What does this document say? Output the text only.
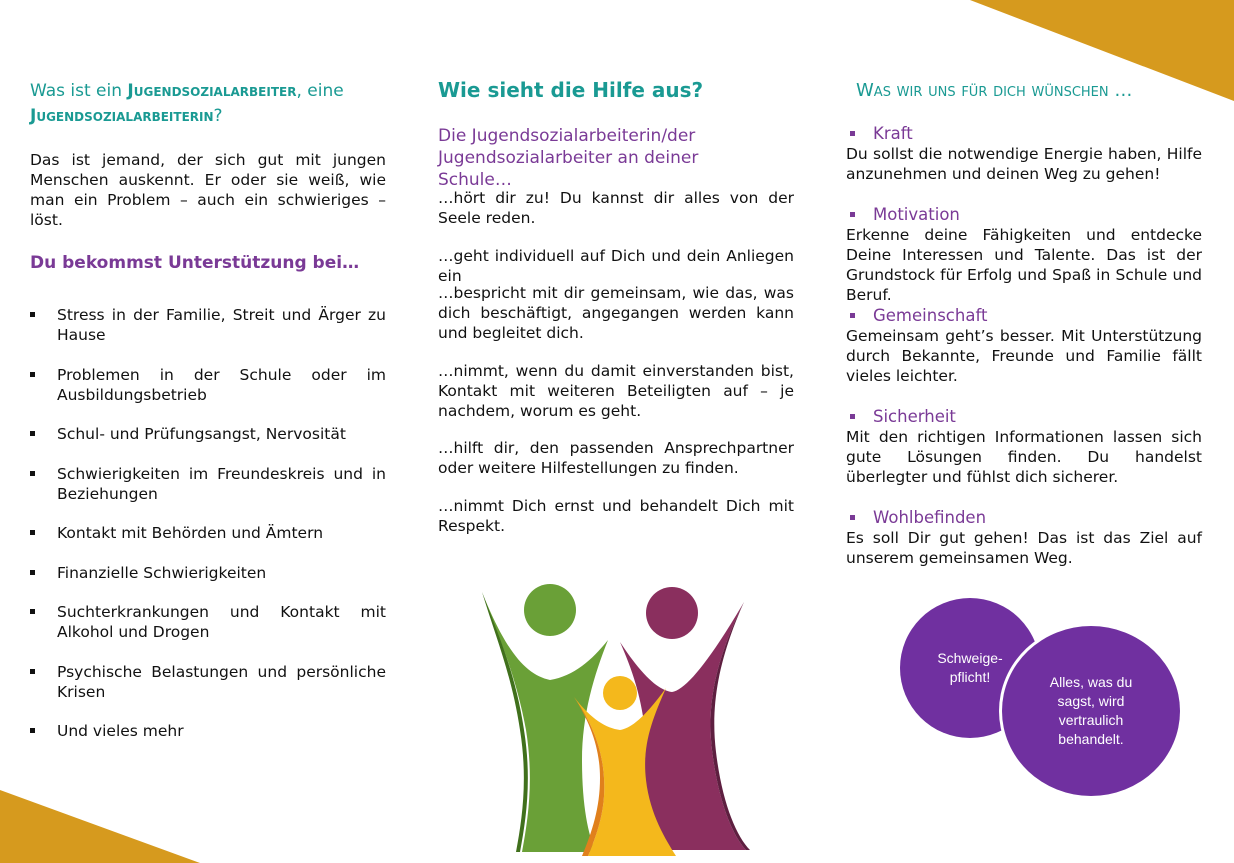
Was ist ein Jugendsozialarbeiter, eine
Jugendsozialarbeiterin?

Das ist jemand, der sich gut mit jungen Menschen auskennt. Er oder sie weiß, wie man ein Problem – auch ein schwieriges – löst.

Du bekommst Unterstützung bei…
Stress in der Familie, Streit und Ärger zu Hause
Problemen in der Schule oder im Ausbildungsbetrieb
Schul- und Prüfungsangst, Nervosität
Schwierigkeiten im Freundeskreis und in Beziehungen
Kontakt mit Behörden und Ämtern
Finanzielle Schwierigkeiten
Suchterkrankungen und Kontakt mit Alkohol und Drogen
Psychische Belastungen und persönliche Krisen
Und vieles mehr
Wie sieht die Hilfe aus?

Die Jugendsozialarbeiterin/der Jugendsozialarbeiter an deiner Schule…

…hört dir zu! Du kannst dir alles von der Seele reden.

…geht individuell auf Dich und dein Anliegen ein

…bespricht mit dir gemeinsam, wie das, was dich beschäftigt, angegangen werden kann und begleitet dich.

…nimmt, wenn du damit einverstanden bist, Kontakt mit weiteren Beteiligten auf – je nachdem, worum es geht.

…hilft dir, den passenden Ansprechpartner oder weitere Hilfestellungen zu finden.

…nimmt Dich ernst und behandelt Dich mit Respekt.

Was wir uns für dich wünschen …
Kraft

Du sollst die notwendige Energie haben, Hilfe anzunehmen und deinen Weg zu gehen!

Motivation

Erkenne deine Fähigkeiten und entdecke Deine Interessen und Talente. Das ist der Grundstock für Erfolg und Spaß in Schule und Beruf.

Gemeinschaft

Gemeinsam geht’s besser. Mit Unterstützung durch Bekannte, Freunde und Familie fällt vieles leichter.

Sicherheit

Mit den richtigen Informationen lassen sich gute Lösungen finden. Du handelst überlegter und fühlst dich sicherer.

Wohlbefinden

Es soll Dir gut gehen! Das ist das Ziel auf unserem gemeinsamen Weg.

Schweige-
pflicht!	Alles, was du
sagst, wird
vertraulich
behandelt.
